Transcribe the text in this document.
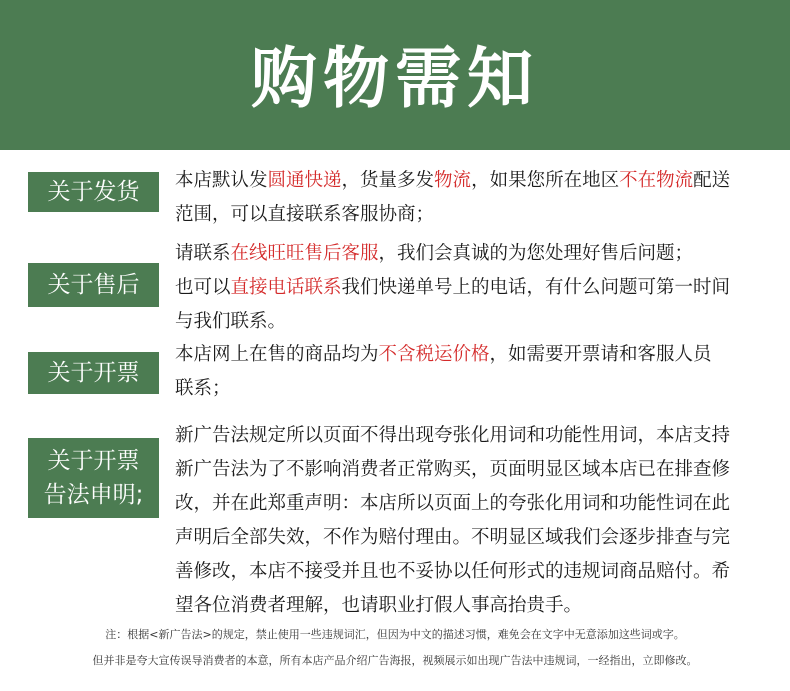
购物需知
关于发货 本店默认发圆通快递，货量多发物流，如果您所在地区不在物流配送
范围，可以直接联系客服协商；
关于售后
请联系在线旺旺售后客服，我们会真诚的为您处理好售后问题；
也可以直接电话联系我们快递单号上的电话，有什么问题可第一时间
与我们联系。
关于开票
本店网上在售的商品均为不含税运价格，如需要开票请和客服人员
联系；
关于开票
告法申明;
新广告法规定所以页面不得出现夸张化用词和功能性用词，本店支持
新广告法为了不影响消费者正常购买，页面明显区域本店已在排查修
改，并在此郑重声明：本店所以页面上的夸张化用词和功能性词在此
声明后全部失效，不作为赔付理由。不明显区域我们会逐步排查与完
善修改，本店不接受并且也不妥协以任何形式的违规词商品赔付。希
望各位消费者理解，也请职业打假人事高抬贵手。
注：根据<新广告法>的规定，禁止使用一些违规词汇，但因为中文的描述习惯，难免会在文字中无意添加这些词或字。
但并非是夸大宣传误导消费者的本意，所有本店产品介绍广告海报，视频展示如出现广告法中违规词，一经指出，立即修改。
